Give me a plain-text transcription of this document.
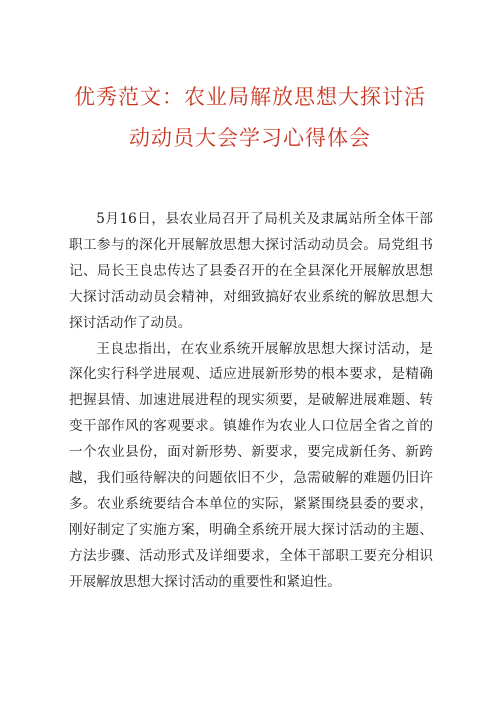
优秀范文：农业局解放思想大探讨活
动动员大会学习心得体会

5月16日，县农业局召开了局机关及隶属站所全体干部职工参与的深化开展解放思想大探讨活动动员会。局党组书记、局长王良忠传达了县委召开的在全县深化开展解放思想大探讨活动动员会精神，对细致搞好农业系统的解放思想大探讨活动作了动员。

王良忠指出，在农业系统开展解放思想大探讨活动，是深化实行科学进展观、适应进展新形势的根本要求，是精确把握县情、加速进展进程的现实须要，是破解进展难题、转变干部作风的客观要求。镇雄作为农业人口位居全省之首的一个农业县份，面对新形势、新要求，要完成新任务、新跨越，我们亟待解决的问题依旧不少，急需破解的难题仍旧许多。农业系统要结合本单位的实际，紧紧围绕县委的要求，刚好制定了实施方案，明确全系统开展大探讨活动的主题、方法步骤、活动形式及详细要求，全体干部职工要充分相识开展解放思想大探讨活动的重要性和紧迫性。
